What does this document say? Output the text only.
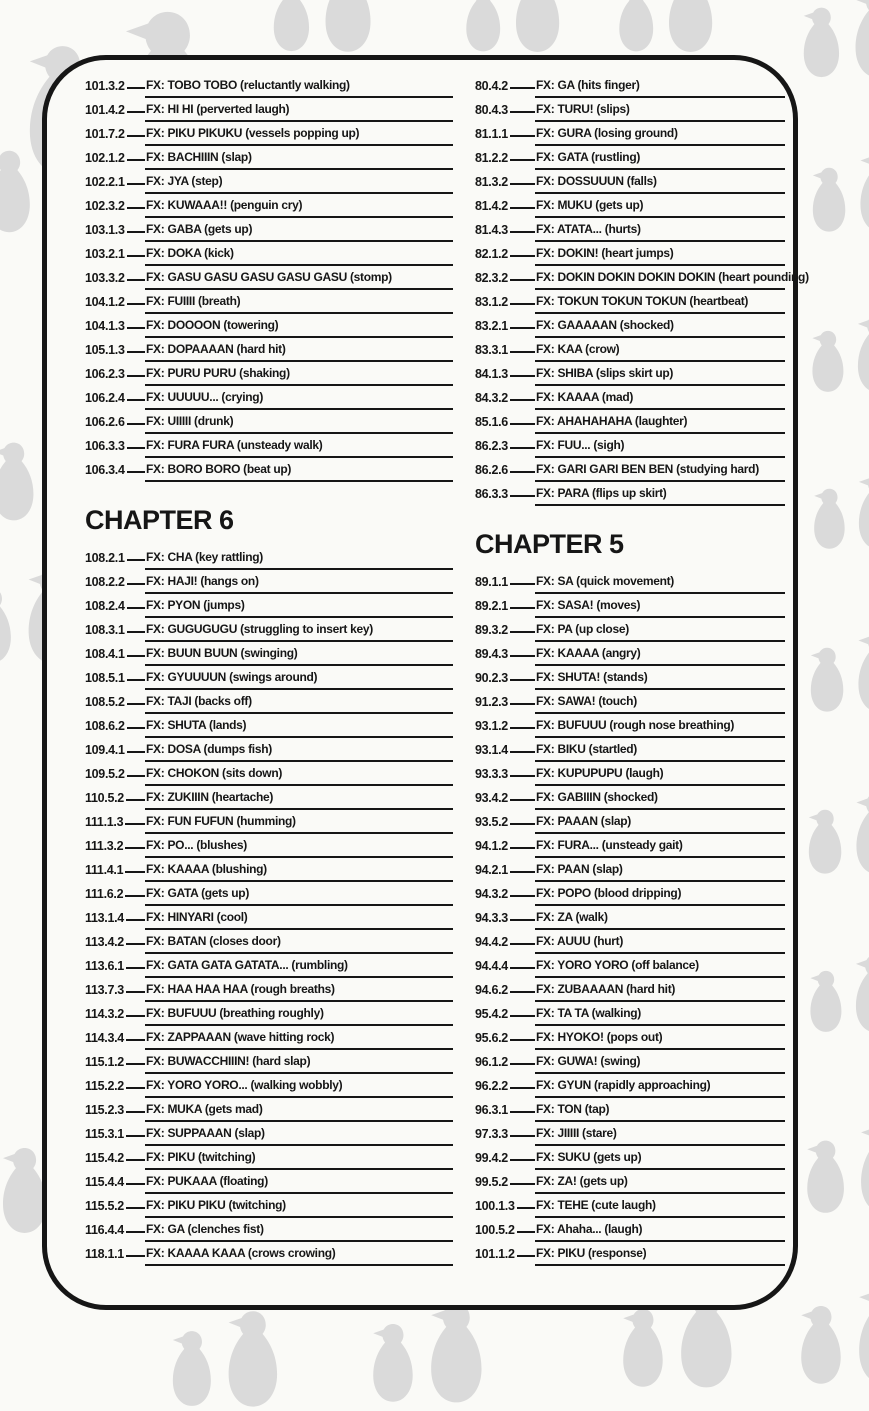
101.3.2 FX: TOBO TOBO (reluctantly walking)
101.4.2 FX: HI HI (perverted laugh)
101.7.2 FX: PIKU PIKUKU (vessels popping up)
102.1.2 FX: BACHIIIN (slap)
102.2.1 FX: JYA (step)
102.3.2 FX: KUWAAA!! (penguin cry)
103.1.3 FX: GABA (gets up)
103.2.1 FX: DOKA (kick)
103.3.2 FX: GASU GASU GASU GASU GASU (stomp)
104.1.2 FX: FUIIII (breath)
104.1.3 FX: DOOOON (towering)
105.1.3 FX: DOPAAAAN (hard hit)
106.2.3 FX: PURU PURU (shaking)
106.2.4 FX: UUUUU... (crying)
106.2.6 FX: UIIIII (drunk)
106.3.3 FX: FURA FURA (unsteady walk)
106.3.4 FX: BORO BORO (beat up)
CHAPTER 6
108.2.1 FX: CHA (key rattling)
108.2.2 FX: HAJI! (hangs on)
108.2.4 FX: PYON (jumps)
108.3.1 FX: GUGUGUGU (struggling to insert key)
108.4.1 FX: BUUN BUUN (swinging)
108.5.1 FX: GYUUUUN (swings around)
108.5.2 FX: TAJI (backs off)
108.6.2 FX: SHUTA (lands)
109.4.1 FX: DOSA (dumps fish)
109.5.2 FX: CHOKON (sits down)
110.5.2 FX: ZUKIIIN (heartache)
111.1.3 FX: FUN FUFUN (humming)
111.3.2 FX: PO... (blushes)
111.4.1 FX: KAAAA (blushing)
111.6.2 FX: GATA (gets up)
113.1.4 FX: HINYARI (cool)
113.4.2 FX: BATAN (closes door)
113.6.1 FX: GATA GATA GATATA... (rumbling)
113.7.3 FX: HAA HAA HAA (rough breaths)
114.3.2 FX: BUFUUU (breathing roughly)
114.3.4 FX: ZAPPAAAN (wave hitting rock)
115.1.2 FX: BUWACCHIIIN! (hard slap)
115.2.2 FX: YORO YORO... (walking wobbly)
115.2.3 FX: MUKA (gets mad)
115.3.1 FX: SUPPAAAN (slap)
115.4.2 FX: PIKU (twitching)
115.4.4 FX: PUKAAA (floating)
115.5.2 FX: PIKU PIKU (twitching)
116.4.4 FX: GA (clenches fist)
118.1.1 FX: KAAAA KAAA (crows crowing)
80.4.2 FX: GA (hits finger)
80.4.3 FX: TURU! (slips)
81.1.1 FX: GURA (losing ground)
81.2.2 FX: GATA (rustling)
81.3.2 FX: DOSSUUUN (falls)
81.4.2 FX: MUKU (gets up)
81.4.3 FX: ATATA... (hurts)
82.1.2 FX: DOKIN! (heart jumps)
82.3.2 FX: DOKIN DOKIN DOKIN DOKIN (heart pounding)
83.1.2 FX: TOKUN TOKUN TOKUN (heartbeat)
83.2.1 FX: GAAAAAN (shocked)
83.3.1 FX: KAA (crow)
84.1.3 FX: SHIBA (slips skirt up)
84.3.2 FX: KAAAA (mad)
85.1.6 FX: AHAHAHAHA (laughter)
86.2.3 FX: FUU... (sigh)
86.2.6 FX: GARI GARI BEN BEN (studying hard)
86.3.3 FX: PARA (flips up skirt)
CHAPTER 5
89.1.1 FX: SA (quick movement)
89.2.1 FX: SASA! (moves)
89.3.2 FX: PA (up close)
89.4.3 FX: KAAAA (angry)
90.2.3 FX: SHUTA! (stands)
91.2.3 FX: SAWA! (touch)
93.1.2 FX: BUFUUU (rough nose breathing)
93.1.4 FX: BIKU (startled)
93.3.3 FX: KUPUPUPU (laugh)
93.4.2 FX: GABIIIN (shocked)
93.5.2 FX: PAAAN (slap)
94.1.2 FX: FURA... (unsteady gait)
94.2.1 FX: PAAN (slap)
94.3.2 FX: POPO (blood dripping)
94.3.3 FX: ZA (walk)
94.4.2 FX: AUUU (hurt)
94.4.4 FX: YORO YORO (off balance)
94.6.2 FX: ZUBAAAAN (hard hit)
95.4.2 FX: TA TA (walking)
95.6.2 FX: HYOKO! (pops out)
96.1.2 FX: GUWA! (swing)
96.2.2 FX: GYUN (rapidly approaching)
96.3.1 FX: TON (tap)
97.3.3 FX: JIIIII (stare)
99.4.2 FX: SUKU (gets up)
99.5.2 FX: ZA! (gets up)
100.1.3 FX: TEHE (cute laugh)
100.5.2 FX: Ahaha... (laugh)
101.1.2 FX: PIKU (response)
